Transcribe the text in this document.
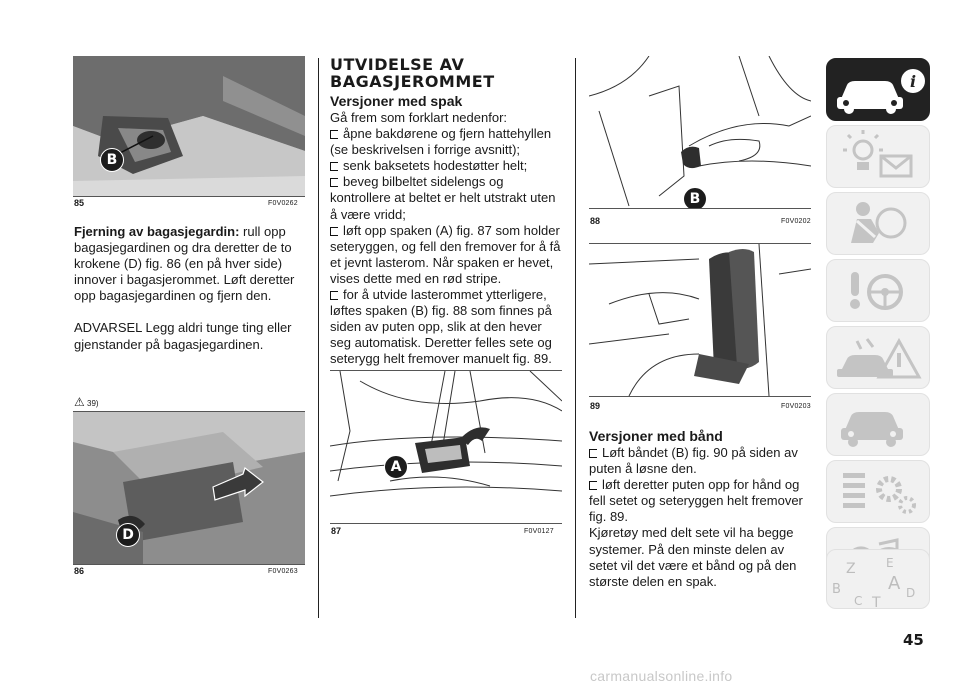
B
85	F0V0262

Fjerning av bagasjegardin: rull opp bagasjegardinen og dra deretter de to krokene (D) fig. 86 (en på hver side) innover i bagasjerommet. Løft deretter opp bagasjegardinen og fjern den.

ADVARSEL Legg aldri tunge ting eller gjenstander på bagasjegardinen.

⚠ 39)
D
86	F0V0263
UTVIDELSE AV
BAGASJEROMMET
Versjoner med spak

Gå frem som forklart nedenfor:

åpne bakdørene og fjern hattehyllen (se beskrivelsen i forrige avsnitt);

senk baksetets hodestøtter helt;

beveg bilbeltet sidelengs og kontrollere at beltet er helt utstrakt uten å være vridd;

løft opp spaken (A) fig. 87 som holder seteryggen, og fell den fremover for å få et jevnt lasterom. Når spaken er hevet, vises dette med en rød stripe.

for å utvide lasterommet ytterligere, løftes spaken (B) fig. 88 som finnes på siden av puten opp, slik at den hever seg automatisk. Deretter felles sete og seterygg helt fremover manuelt fig. 89.

A
87	F0V0127
B
88	F0V0202
89	F0V0203
Versjoner med bånd

Løft båndet (B) fig. 90 på siden av puten å løsne den.

løft deretter puten opp for hånd og fell setet og seteryggen helt fremover fig. 89.

Kjøretøy med delt sete vil ha begge systemer. På den minste delen av setet vil det være et bånd og på den største delen en spak.

i
Z	E
B	A
C T
D
45
carmanualsonline.info
